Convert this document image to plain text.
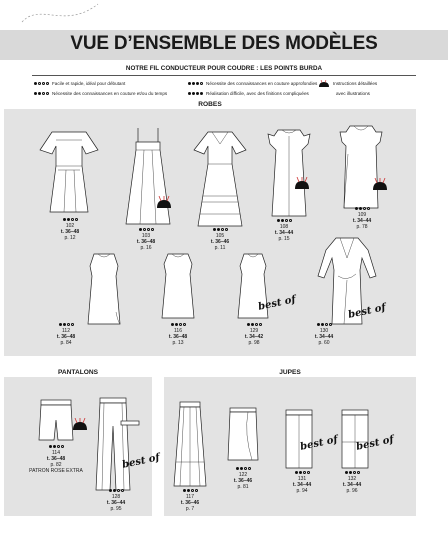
VUE D’ENSEMBLE DES MODÈLES
NOTRE FIL CONDUCTEUR POUR COUDRE : LES POINTS BURDA
Facile et rapide, idéal pour débutant
Nécessite des connaissances en couture et/ou du temps
Nécessite des connaissances en couture approfondies
Réalisation difficile, avec des finitions compliquées
Instructions détaillées
avec illustrations
ROBES
102
t. 36–48
p. 12	103
t. 36–48
p. 16
105
t. 36–46
p. 11
108
t. 34–44
p. 15
109
t. 34–44
p. 78
112
t. 36–48
p. 84
116
t. 36–48
p. 13
best of
129
t. 34–42
p. 98
best of
130
t. 34–44
p. 60
PANTALONS
114
t. 36–48
p. 82
PATRON ROSE EXTRA
best of
128
t. 36–44
p. 95
JUPES
117
t. 36–46
p. 7
122
t. 36–46
p. 81
best of
131
t. 34–44
p. 94
best of
132
t. 34–44
p. 96
